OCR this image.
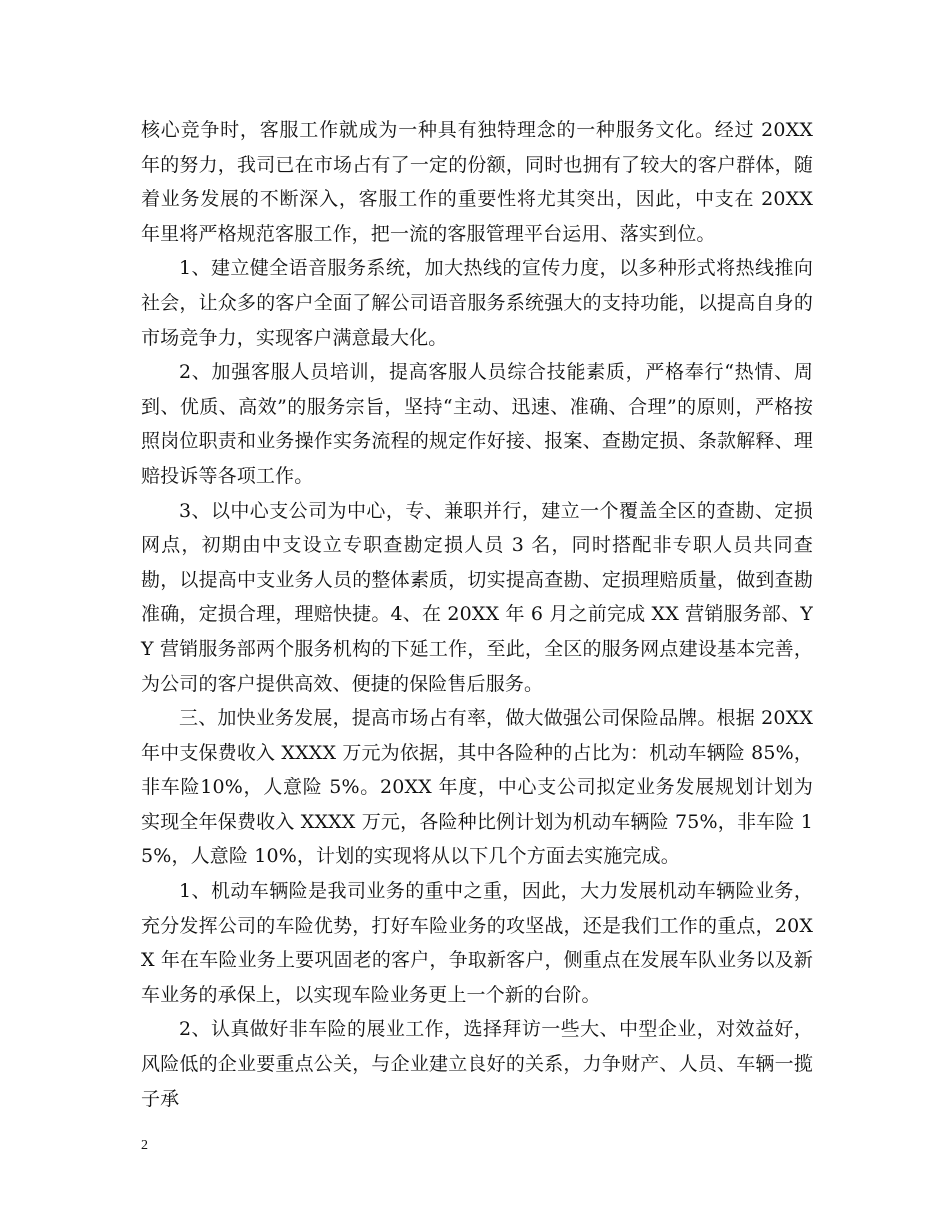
核心竞争时，客服工作就成为一种具有独特理念的一种服务文化。经过 20XX 年的努力，我司已在市场占有了一定的份额，同时也拥有了较大的客户群体，随着业务发展的不断深入，客服工作的重要性将尤其突出，因此，中支在 20XX 年里将严格规范客服工作，把一流的客服管理平台运用、落实到位。

1、建立健全语音服务系统，加大热线的宣传力度，以多种形式将热线推向社会，让众多的客户全面了解公司语音服务系统强大的支持功能，以提高自身的市场竞争力，实现客户满意最大化。

2、加强客服人员培训，提高客服人员综合技能素质，严格奉行“热情、周到、优质、高效”的服务宗旨，坚持“主动、迅速、准确、合理”的原则，严格按照岗位职责和业务操作实务流程的规定作好接、报案、查勘定损、条款解释、理赔投诉等各项工作。

3、以中心支公司为中心，专、兼职并行，建立一个覆盖全区的查勘、定损网点，初期由中支设立专职查勘定损人员 3 名，同时搭配非专职人员共同查勘，以提高中支业务人员的整体素质，切实提高查勘、定损理赔质量，做到查勘准确，定损合理，理赔快捷。4、在 20XX 年 6 月之前完成 XX 营销服务部、YY 营销服务部两个服务机构的下延工作，至此，全区的服务网点建设基本完善，为公司的客户提供高效、便捷的保险售后服务。

三、加快业务发展，提高市场占有率，做大做强公司保险品牌。根据 20XX 年中支保费收入 XXXX 万元为依据，其中各险种的占比为：机动车辆险 85%，非车险10%，人意险 5%。20XX 年度，中心支公司拟定业务发展规划计划为实现全年保费收入 XXXX 万元，各险种比例计划为机动车辆险 75%，非车险 15%，人意险 10%，计划的实现将从以下几个方面去实施完成。

1、机动车辆险是我司业务的重中之重，因此，大力发展机动车辆险业务，充分发挥公司的车险优势，打好车险业务的攻坚战，还是我们工作的重点，20XX 年在车险业务上要巩固老的客户，争取新客户，侧重点在发展车队业务以及新车业务的承保上，以实现车险业务更上一个新的台阶。

2、认真做好非车险的展业工作，选择拜访一些大、中型企业，对效益好，风险低的企业要重点公关，与企业建立良好的关系，力争财产、人员、车辆一揽子承

2
